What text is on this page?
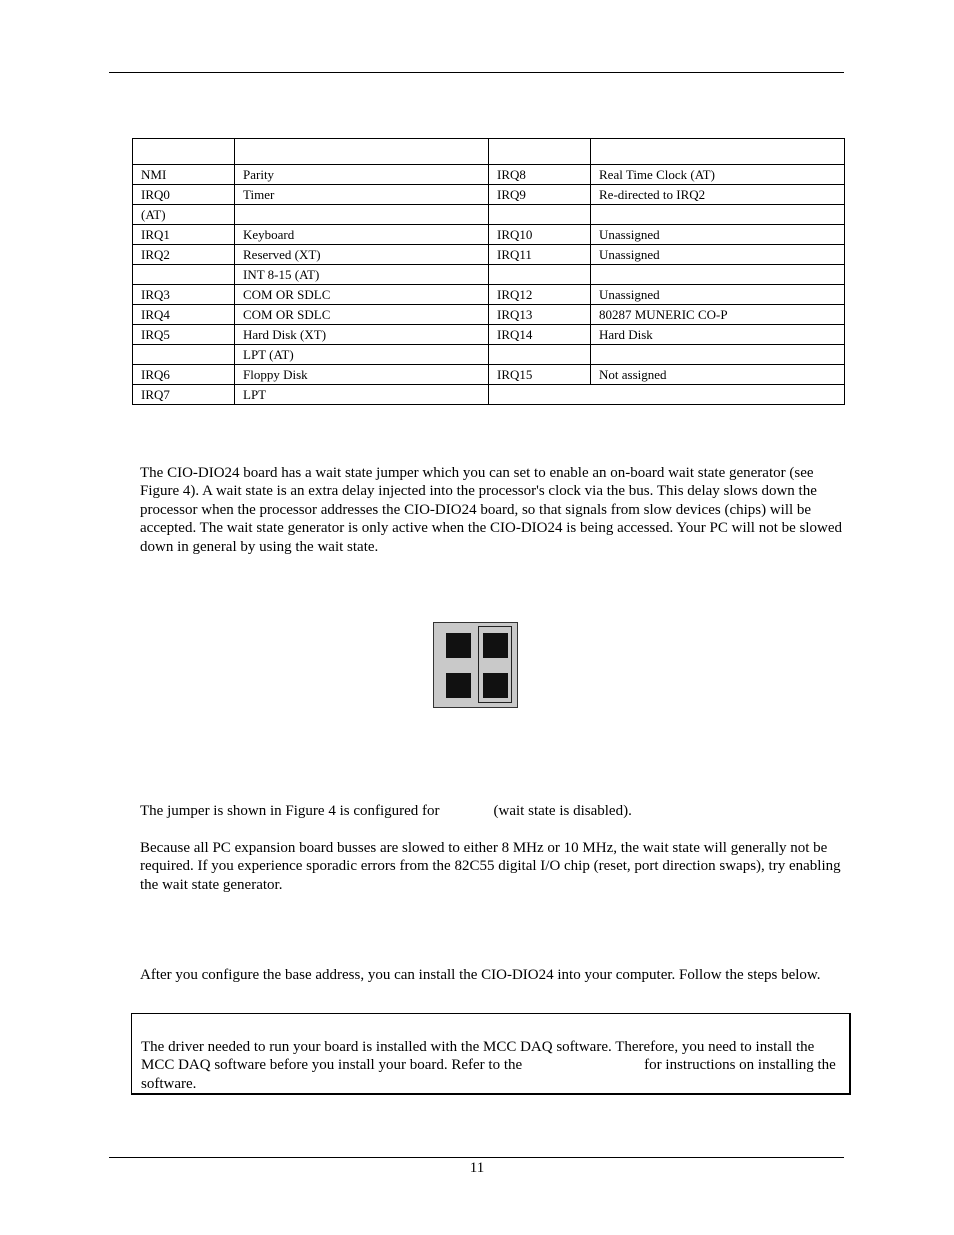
NMI	Parity	IRQ8	Real Time Clock (AT)
IRQ0	Timer	IRQ9	Re-directed to IRQ2
(AT)			
IRQ1	Keyboard	IRQ10	Unassigned
IRQ2	Reserved (XT)	IRQ11	Unassigned
	INT 8-15 (AT)		
IRQ3	COM OR SDLC	IRQ12	Unassigned
IRQ4	COM OR SDLC	IRQ13	80287 MUNERIC CO-P
IRQ5	Hard Disk (XT)	IRQ14	Hard Disk
	LPT (AT)		
IRQ6	Floppy Disk	IRQ15	Not assigned
IRQ7	LPT		

The CIO-DIO24 board has a wait state jumper which you can set to enable an on-board wait state generator (see Figure 4). A wait state is an extra delay injected into the processor's clock via the bus. This delay slows down the processor when the processor addresses the CIO-DIO24 board, so that signals from slow devices (chips) will be accepted. The wait state generator is only active when the CIO-DIO24 is being accessed. Your PC will not be slowed down in general by using the wait state.

The jumper is shown in Figure 4 is configured for	(wait state is disabled).

Because all PC expansion board busses are slowed to either 8 MHz or 10 MHz, the wait state will generally not be required. If you experience sporadic errors from the 82C55 digital I/O chip (reset, port direction swaps), try enabling the wait state generator.

After you configure the base address, you can install the CIO-DIO24 into your computer. Follow the steps below.

The driver needed to run your board is installed with the MCC DAQ software. Therefore, you need to install the MCC DAQ software before you install your board. Refer to the	for instructions on installing the software.

11
